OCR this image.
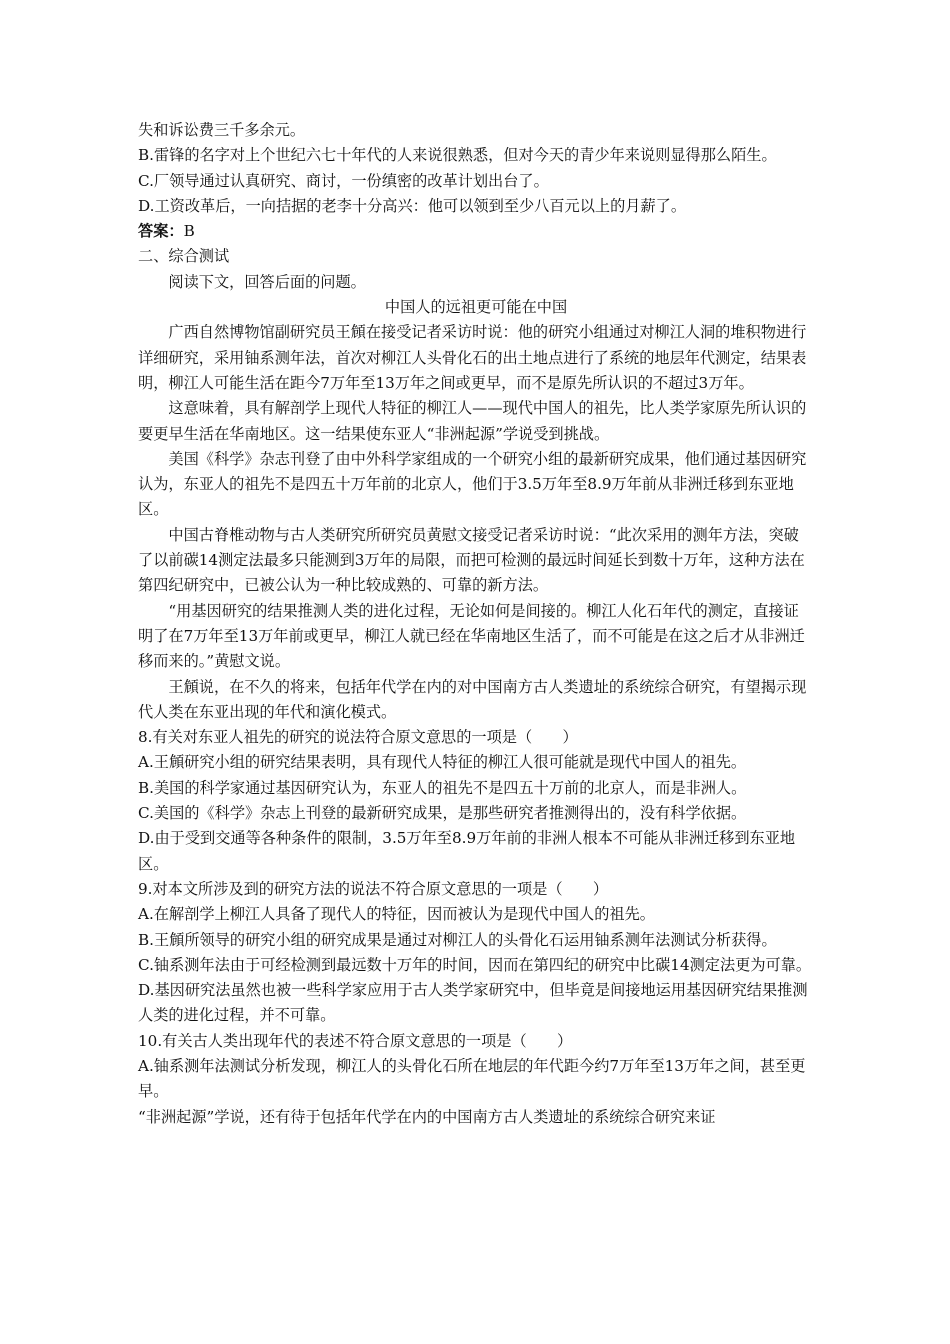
失和诉讼费三千多余元。

B.雷锋的名字对上个世纪六七十年代的人来说很熟悉，但对今天的青少年来说则显得那么陌生。

C.厂领导通过认真研究、商讨，一份缜密的改革计划出台了。

D.工资改革后，一向拮据的老李十分高兴：他可以领到至少八百元以上的月薪了。

答案：B

二、综合测试

阅读下文，回答后面的问题。

中国人的远祖更可能在中国

广西自然博物馆副研究员王頠在接受记者采访时说：他的研究小组通过对柳江人洞的堆积物进行详细研究，采用铀系测年法，首次对柳江人头骨化石的出土地点进行了系统的地层年代测定，结果表明，柳江人可能生活在距今7万年至13万年之间或更早，而不是原先所认识的不超过3万年。

这意味着，具有解剖学上现代人特征的柳江人——现代中国人的祖先，比人类学家原先所认识的要更早生活在华南地区。这一结果使东亚人“非洲起源”学说受到挑战。

美国《科学》杂志刊登了由中外科学家组成的一个研究小组的最新研究成果，他们通过基因研究认为，东亚人的祖先不是四五十万年前的北京人，他们于3.5万年至8.9万年前从非洲迁移到东亚地区。

中国古脊椎动物与古人类研究所研究员黄慰文接受记者采访时说：“此次采用的测年方法，突破了以前碳14测定法最多只能测到3万年的局限，而把可检测的最远时间延长到数十万年，这种方法在第四纪研究中，已被公认为一种比较成熟的、可靠的新方法。

“用基因研究的结果推测人类的进化过程，无论如何是间接的。柳江人化石年代的测定，直接证明了在7万年至13万年前或更早，柳江人就已经在华南地区生活了，而不可能是在这之后才从非洲迁移而来的。”黄慰文说。

王頠说，在不久的将来，包括年代学在内的对中国南方古人类遗址的系统综合研究，有望揭示现代人类在东亚出现的年代和演化模式。

8.有关对东亚人祖先的研究的说法符合原文意思的一项是（　　）

A.王頠研究小组的研究结果表明，具有现代人特征的柳江人很可能就是现代中国人的祖先。

B.美国的科学家通过基因研究认为，东亚人的祖先不是四五十万前的北京人，而是非洲人。

C.美国的《科学》杂志上刊登的最新研究成果，是那些研究者推测得出的，没有科学依据。

D.由于受到交通等各种条件的限制，3.5万年至8.9万年前的非洲人根本不可能从非洲迁移到东亚地区。

9.对本文所涉及到的研究方法的说法不符合原文意思的一项是（　　）

A.在解剖学上柳江人具备了现代人的特征，因而被认为是现代中国人的祖先。

B.王頠所领导的研究小组的研究成果是通过对柳江人的头骨化石运用铀系测年法测试分析获得。

C.铀系测年法由于可经检测到最远数十万年的时间，因而在第四纪的研究中比碳14测定法更为可靠。

D.基因研究法虽然也被一些科学家应用于古人类学家研究中，但毕竟是间接地运用基因研究结果推测人类的进化过程，并不可靠。

10.有关古人类出现年代的表述不符合原文意思的一项是（　　）

A.铀系测年法测试分析发现，柳江人的头骨化石所在地层的年代距今约7万年至13万年之间，甚至更早。

“非洲起源”学说，还有待于包括年代学在内的中国南方古人类遗址的系统综合研究来证
